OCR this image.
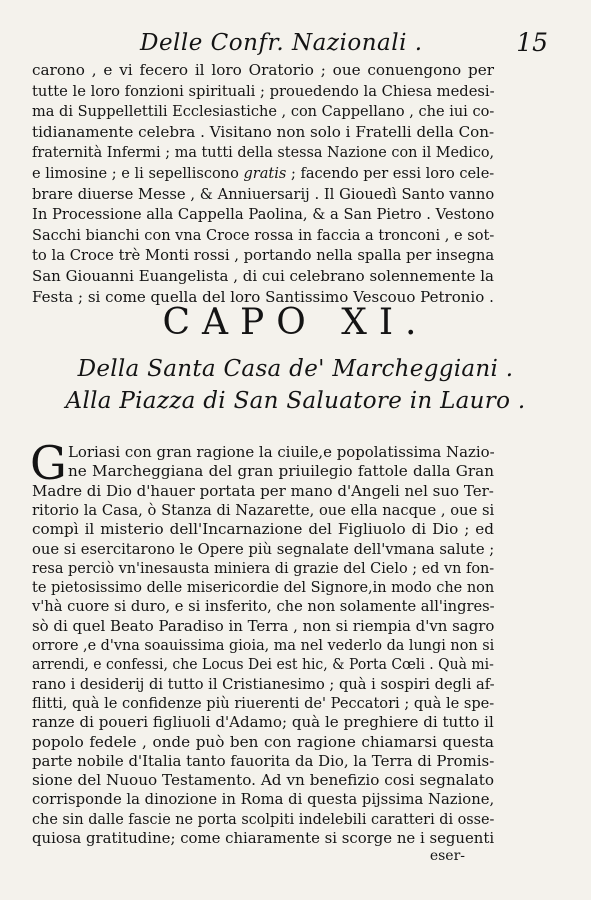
Delle Confr. Nazionali .	15
carono , e vi fecero il loro Oratorio ; oue conuengono per
tutte le loro fonzioni spirituali ; prouedendo la Chiesa medesi-
ma di Suppellettili Ecclesiastiche , con Cappellano , che iui co-
tidianamente celebra . Visitano non solo i Fratelli della Con-
fraternità Infermi ; ma tutti della stessa Nazione con il Medico,
e limosine ; e li sepelliscono gratis ; facendo per essi loro cele-
brare diuerse Messe , & Anniuersarij . Il Giouedì Santo vanno
In Processione alla Cappella Paolina, & a San Pietro . Vestono
Sacchi bianchi con vna Croce rossa in faccia a tronconi , e sot-
to la Croce trè Monti rossi , portando nella spalla per insegna
San Giouanni Euangelista , di cui celebrano solennemente la
Festa ; si come quella del loro Santissimo Vescouo Petronio .
CAPO XI.
Della Santa Casa de' Marcheggiani .
Alla Piazza di San Saluatore in Lauro .
G Loriasi con gran ragione la ciuile,e popolatissima Nazio-
ne Marcheggiana del gran priuilegio fattole dalla Gran
Madre di Dio d'hauer portata per mano d'Angeli nel suo Ter-
ritorio la Casa, ò Stanza di Nazarette, oue ella nacque , oue si
compì il misterio dell'Incarnazione del Figliuolo di Dio ; ed
oue si esercitarono le Opere più segnalate dell'vmana salute ;
resa perciò vn'inesausta miniera di grazie del Cielo ; ed vn fon-
te pietosissimo delle misericordie del Signore,in modo che non
v'hà cuore si duro, e si insferito, che non solamente all'ingres-
sò di quel Beato Paradiso in Terra , non si riempia d'vn sagro
orrore ,e d'vna soauissima gioia, ma nel vederlo da lungi non si
arrendi, e confessi, che Locus Dei est hic, & Porta Cœli . Quà mi-
rano i desiderij di tutto il Cristianesimo ; quà i sospiri degli af-
flitti, quà le confidenze più riuerenti de' Peccatori ; quà le spe-
ranze di poueri figliuoli d'Adamo; quà le preghiere di tutto il
popolo fedele , onde può ben con ragione chiamarsi questa
parte nobile d'Italia tanto fauorita da Dio, la Terra di Promis-
sione del Nuouo Testamento. Ad vn benefizio cosi segnalato
corrisponde la dinozione in Roma di questa pijssima Nazione,
che sin dalle fascie ne porta scolpiti indelebili caratteri di osse-
quiosa gratitudine; come chiaramente si scorge ne i seguenti
eser-
